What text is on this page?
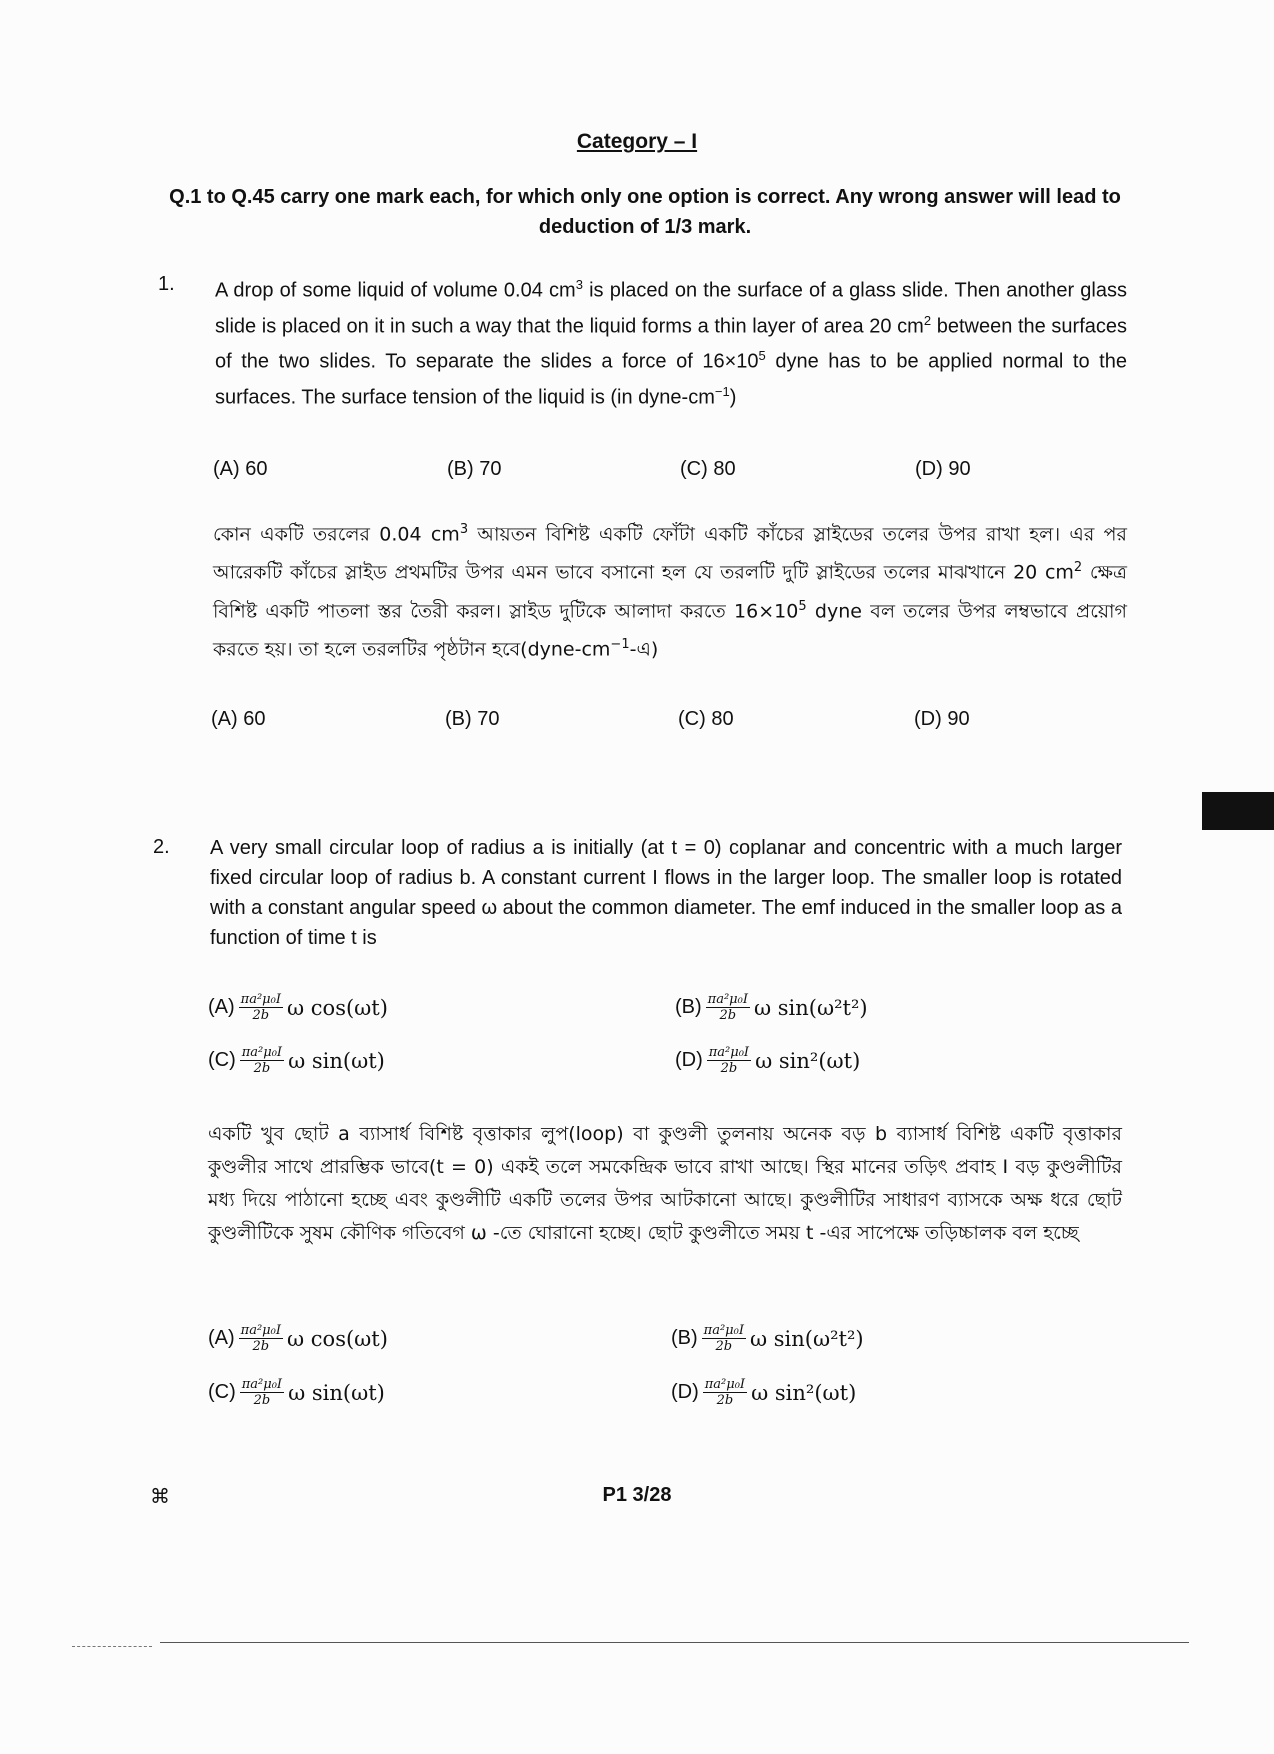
Category – I
Q.1 to Q.45 carry one mark each, for which only one option is correct. Any wrong answer will lead to deduction of 1/3 mark.
1. A drop of some liquid of volume 0.04 $cm^3$ is placed on the surface of a glass slide. Then another glass slide is placed on it in such a way that the liquid forms a thin layer of area 20 $cm^2$ between the surfaces of the two slides. To separate the slides a force of $16\times 10^5$ dyne has to be applied normal to the surfaces. The surface tension of the liquid is (in dyne-$cm^{-1}$)
(A) 60	(B) 70	(C) 80	(D) 90
কোন একটি তরলের 0.04 $cm^3$ আয়তন বিশিষ্ট একটি ফোঁটা একটি কাঁচের স্লাইডের তলের উপর রাখা হল। এর পর আরেকটি কাঁচের স্লাইড প্রথমটির উপর এমন ভাবে বসানো হল যে তরলটি দুটি স্লাইডের তলের মাঝখানে 20 $cm^2$ ক্ষেত্র বিশিষ্ট একটি পাতলা স্তর তৈরী করল। স্লাইড দুটিকে আলাদা করতে $16\times 10^5$ dyne বল তলের উপর লম্বভাবে প্রয়োগ করতে হয়। তা হলে তরলটির পৃষ্ঠটান $হবে(dyne-cm^{-1}-এ)$
(A) 60	(B) 70	(C) 80	(D) 90
2. A very small circular loop of radius a is initially (at t = 0) coplanar and concentric with a much larger fixed circular loop of radius b. A constant current I flows in the larger loop. The smaller loop is rotated with a constant angular speed ω about the common diameter. The emf induced in the smaller loop as a function of time t is
$(A) \frac{\text{πa²μ₀I}}{2b}$ ω cos(ωt)	$(B) \frac{\text{πa²μ₀I}}{2b}$ ω sin(ω²t²)
$(C) \frac{\text{πa²μ₀I}}{2b}$ ω sin(ωt)	$(D) \frac{\text{πa²μ₀I}}{2b}$ ω sin²(ωt)
একটি খুব ছোট a ব্যাসার্ধ বিশিষ্ট বৃত্তাকার লুপ(loop) বা কুণ্ডলী তুলনায় অনেক বড় b ব্যাসার্ধ বিশিষ্ট একটি বৃত্তাকার কুণ্ডলীর সাথে প্রারম্ভিক ভাবে(t = 0) একই তলে সমকেন্দ্রিক ভাবে রাখা আছে। স্থির মানের তড়িৎ প্রবাহ I বড় কুণ্ডলীটির মধ্য দিয়ে পাঠানো হচ্ছে এবং কুণ্ডলীটি একটি তলের উপর আটকানো আছে। কুণ্ডলীটির সাধারণ ব্যাসকে অক্ষ ধরে ছোট কুণ্ডলীটিকে সুষম কৌণিক গতিবেগ ω -তে ঘোরানো হচ্ছে। ছোট কুণ্ডলীতে সময় t -এর সাপেক্ষে তড়িচ্চালক বল হচ্ছে
$(A) \frac{\text{πa²μ₀I}}{2b}$ ω cos(ωt)	$(B) \frac{\text{πa²μ₀I}}{2b}$ ω sin(ω²t²)
$(C) \frac{\text{πa²μ₀I}}{2b}$ ω sin(ωt)	$(D) \frac{\text{πa²μ₀I}}{2b}$ ω sin²(ωt)
⌘	P1 3/28
